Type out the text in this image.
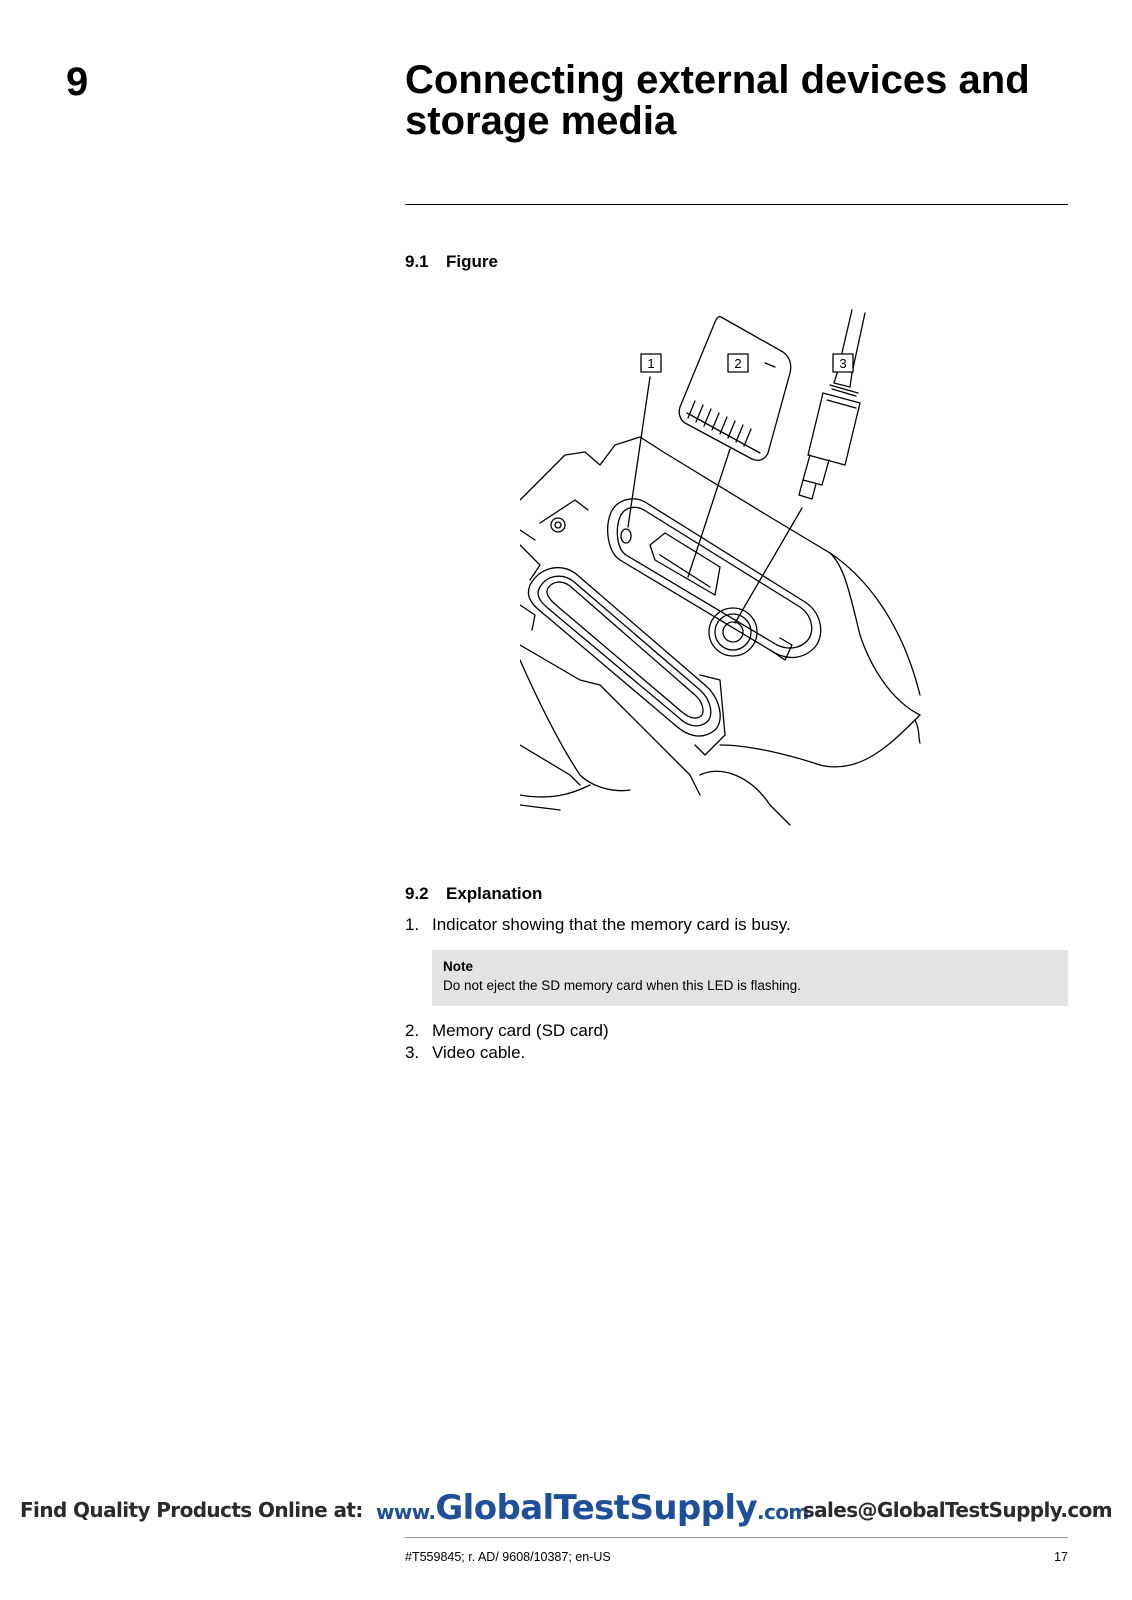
9	Connecting external devices and storage media
9.1 Figure
1	2	3
9.2 Explanation
1. Indicator showing that the memory card is busy.
Note
Do not eject the SD memory card when this LED is flashing.
2. Memory card (SD card)
3. Video cable.
Find Quality Products Online at: www.GlobalTestSupply.com
sales@GlobalTestSupply.com
#T559845; r. AD/ 9608/10387; en-US	17
